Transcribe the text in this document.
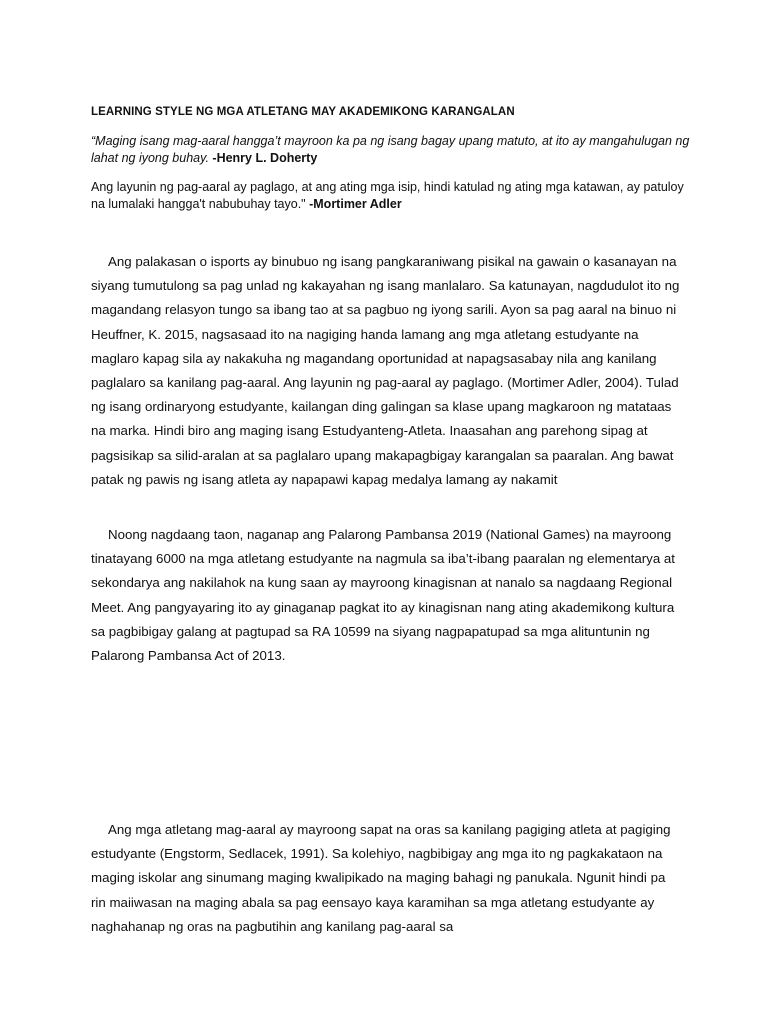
LEARNING STYLE NG MGA ATLETANG MAY AKADEMIKONG KARANGALAN

“Maging isang mag-aaral hangga’t mayroon ka pa ng isang bagay upang matuto, at ito ay mangahulugan ng lahat ng iyong buhay. -Henry L. Doherty

Ang layunin ng pag-aaral ay paglago, at ang ating mga isip, hindi katulad ng ating mga katawan, ay patuloy na lumalaki hangga't nabubuhay tayo." -Mortimer Adler

Ang palakasan o isports ay binubuo ng isang pangkaraniwang pisikal na gawain o kasanayan na siyang tumutulong sa pag unlad ng kakayahan ng isang manlalaro. Sa katunayan, nagdudulot ito ng magandang relasyon tungo sa ibang tao at sa pagbuo ng iyong sarili. Ayon sa pag aaral na binuo ni Heuffner, K. 2015, nagsasaad ito na nagiging handa lamang ang mga atletang estudyante na maglaro kapag sila ay nakakuha ng magandang oportunidad at napagsasabay nila ang kanilang paglalaro sa kanilang pag-aaral. Ang layunin ng pag-aaral ay paglago. (Mortimer Adler, 2004). Tulad ng isang ordinaryong estudyante, kailangan ding galingan sa klase upang magkaroon ng matataas na marka. Hindi biro ang maging isang Estudyanteng-Atleta. Inaasahan ang parehong sipag at pagsisikap sa silid-aralan at sa paglalaro upang makapagbigay karangalan sa paaralan. Ang bawat patak ng pawis ng isang atleta ay napapawi kapag medalya lamang ay nakamit

Noong nagdaang taon, naganap ang Palarong Pambansa 2019 (National Games) na mayroong tinatayang 6000 na mga atletang estudyante na nagmula sa iba’t-ibang paaralan ng elementarya at sekondarya ang nakilahok na kung saan ay mayroong kinagisnan at nanalo sa nagdaang Regional Meet. Ang pangyayaring ito ay ginaganap pagkat ito ay kinagisnan nang ating akademikong kultura sa pagbibigay galang at pagtupad sa RA 10599 na siyang nagpapatupad sa mga alituntunin ng Palarong Pambansa Act of 2013.

Ang mga atletang mag-aaral ay mayroong sapat na oras sa kanilang pagiging atleta at pagiging estudyante (Engstorm, Sedlacek, 1991). Sa kolehiyo, nagbibigay ang mga ito ng pagkakataon na maging iskolar ang sinumang maging kwalipikado na maging bahagi ng panukala. Ngunit hindi pa rin maiiwasan na maging abala sa pag eensayo kaya karamihan sa mga atletang estudyante ay naghahanap ng oras na pagbutihin ang kanilang pag-aaral sa
